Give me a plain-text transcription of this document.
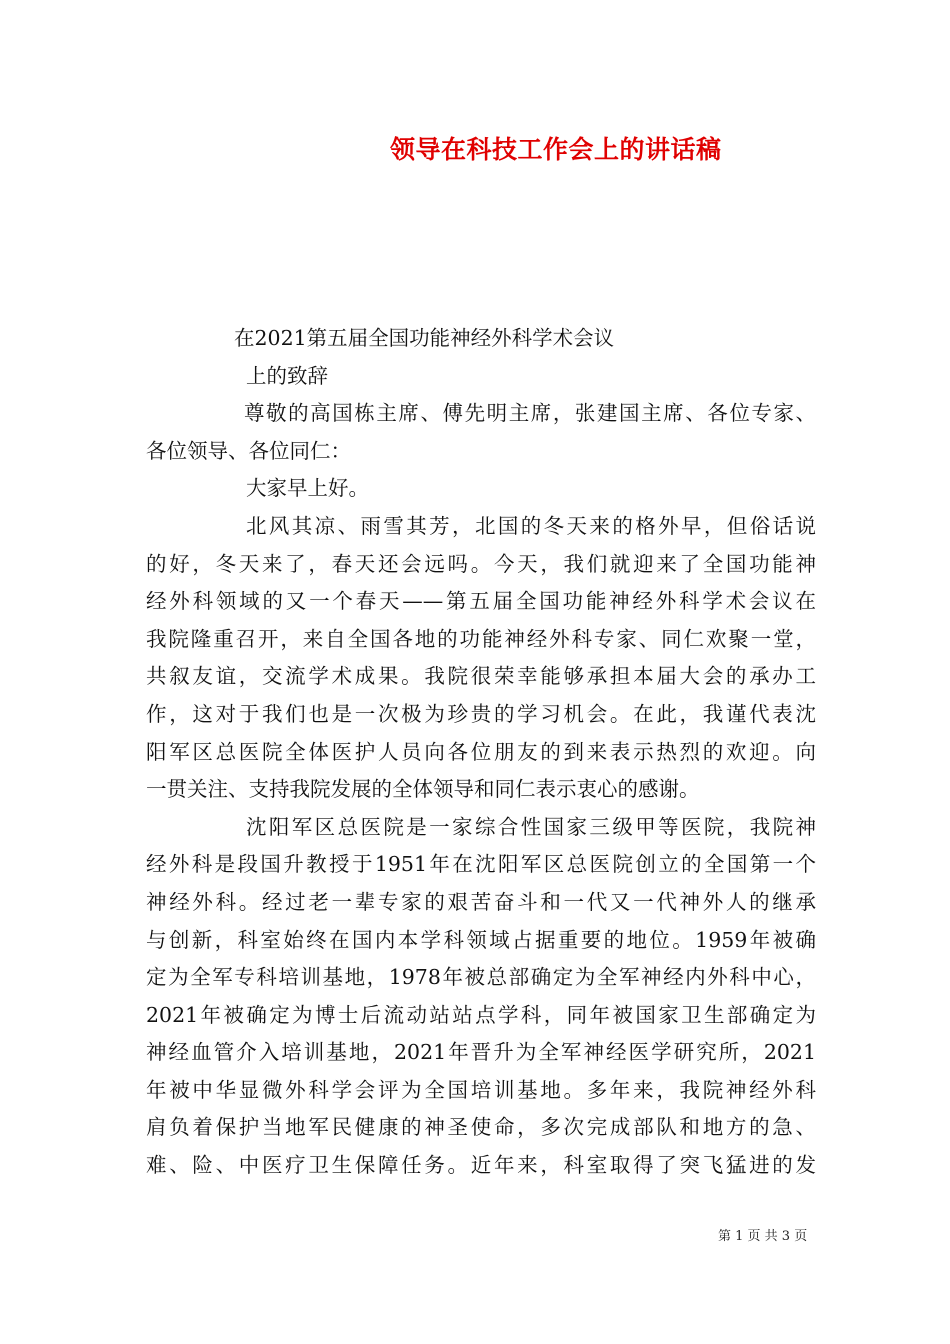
领导在科技工作会上的讲话稿
在2021第五届全国功能神经外科学术会议
上的致辞
尊敬的高国栋主席、傅先明主席，张建国主席、各位专家、
各位领导、各位同仁：
大家早上好。
北风其凉、雨雪其芳，北国的冬天来的格外早，但俗话说
的好，冬天来了，春天还会远吗。今天，我们就迎来了全国功能神
经外科领域的又一个春天——第五届全国功能神经外科学术会议在
我院隆重召开，来自全国各地的功能神经外科专家、同仁欢聚一堂，
共叙友谊，交流学术成果。我院很荣幸能够承担本届大会的承办工
作，这对于我们也是一次极为珍贵的学习机会。在此，我谨代表沈
阳军区总医院全体医护人员向各位朋友的到来表示热烈的欢迎。向
一贯关注、支持我院发展的全体领导和同仁表示衷心的感谢。
沈阳军区总医院是一家综合性国家三级甲等医院，我院神
经外科是段国升教授于1951年在沈阳军区总医院创立的全国第一个
神经外科。经过老一辈专家的艰苦奋斗和一代又一代神外人的继承
与创新，科室始终在国内本学科领域占据重要的地位。1959年被确
定为全军专科培训基地，1978年被总部确定为全军神经内外科中心，
2021年被确定为博士后流动站站点学科，同年被国家卫生部确定为
神经血管介入培训基地，2021年晋升为全军神经医学研究所，2021
年被中华显微外科学会评为全国培训基地。多年来，我院神经外科
肩负着保护当地军民健康的神圣使命，多次完成部队和地方的急、
难、险、中医疗卫生保障任务。近年来，科室取得了突飞猛进的发
第 1 页 共 3 页
